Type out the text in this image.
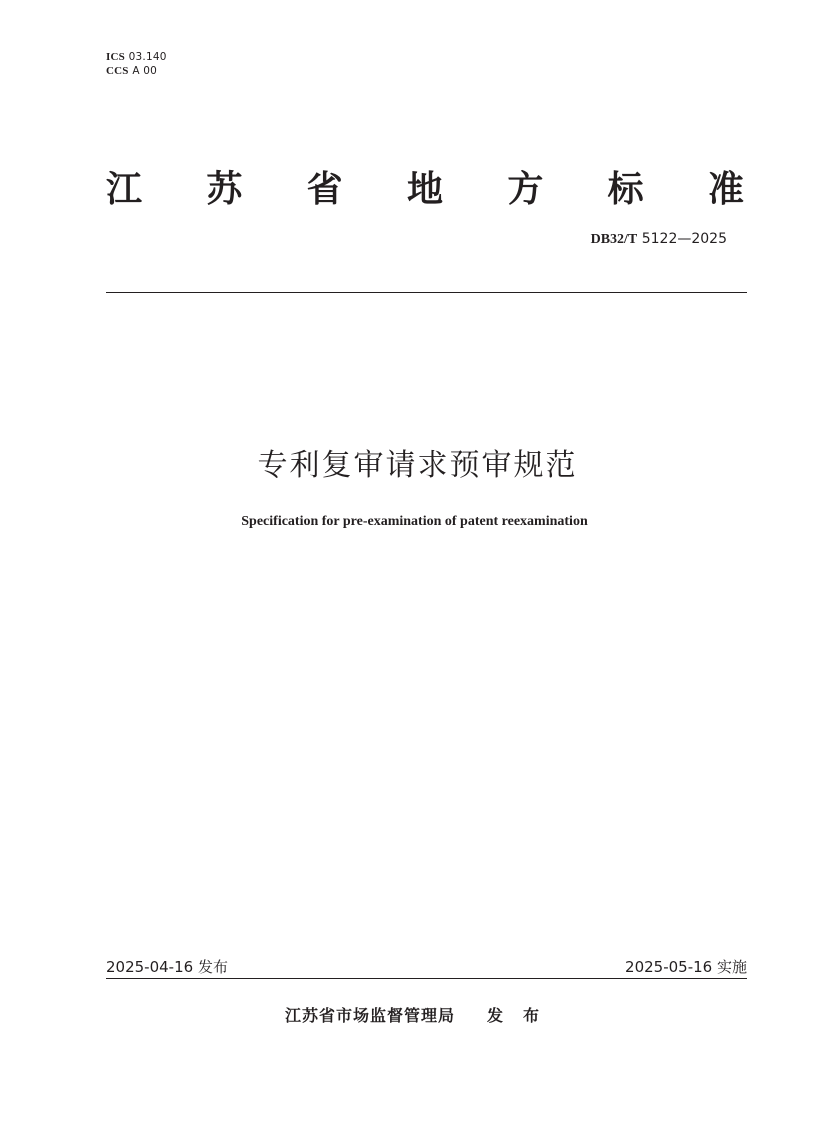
ICS 03.140
CCS A 00
江 苏 省 地 方 标 准
DB32/T 5122—2025
专利复审请求预审规范
Specification for pre-examination of patent reexamination
2025-04-16 发布	2025-05-16 实施
江苏省市场监督管理局 发布
